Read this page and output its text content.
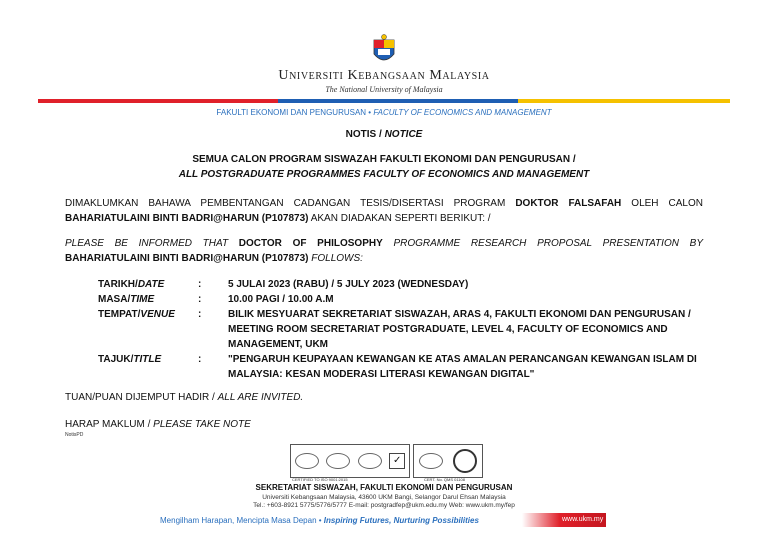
Universiti Kebangsaan Malaysia
The National University of Malaysia
FAKULTI EKONOMI DAN PENGURUSAN • FACULTY OF ECONOMICS AND MANAGEMENT
NOTIS / NOTICE
SEMUA CALON PROGRAM SISWAZAH FAKULTI EKONOMI DAN PENGURUSAN /
ALL POSTGRADUATE PROGRAMMES FACULTY OF ECONOMICS AND MANAGEMENT
DIMAKLUMKAN BAHAWA PEMBENTANGAN CADANGAN TESIS/DISERTASI PROGRAM DOKTOR FALSAFAH OLEH CALON BAHARIATULAINI BINTI BADRI@HARUN (P107873) AKAN DIADAKAN SEPERTI BERIKUT: /
PLEASE BE INFORMED THAT DOCTOR OF PHILOSOPHY PROGRAMME RESEARCH PROPOSAL PRESENTATION BY BAHARIATULAINI BINTI BADRI@HARUN (P107873) FOLLOWS:
TARIKH/DATE	:	5 JULAI 2023 (RABU) / 5 JULY 2023 (WEDNESDAY)
MASA/TIME	:	10.00 PAGI / 10.00 A.M
TEMPAT/VENUE	:	BILIK MESYUARAT SEKRETARIAT SISWAZAH, ARAS 4, FAKULTI EKONOMI DAN PENGURUSAN / MEETING ROOM SECRETARIAT POSTGRADUATE, LEVEL 4, FACULTY OF ECONOMICS AND MANAGEMENT, UKM
TAJUK/TITLE	:	"PENGARUH KEUPAYAAN KEWANGAN KE ATAS AMALAN PERANCANGAN KEWANGAN ISLAM DI MALAYSIA: KESAN MODERASI LITERASI KEWANGAN DIGITAL"
TUAN/PUAN DIJEMPUT HADIR / ALL ARE INVITED.
HARAP MAKLUM / PLEASE TAKE NOTE
NotisPD
✓
CERTIFIED TO ISO 9001:2015	CERT. No. QMS 01108
SEKRETARIAT SISWAZAH, FAKULTI EKONOMI DAN PENGURUSAN
Universiti Kebangsaan Malaysia, 43600 UKM Bangi, Selangor Darul Ehsan Malaysia
Tel.: +603-8921 5775/5776/5777 E-mail: postgradfep@ukm.edu.my Web: www.ukm.my/fep
Mengilham Harapan, Mencipta Masa Depan • Inspiring Futures, Nurturing Possibilities	www.ukm.my
